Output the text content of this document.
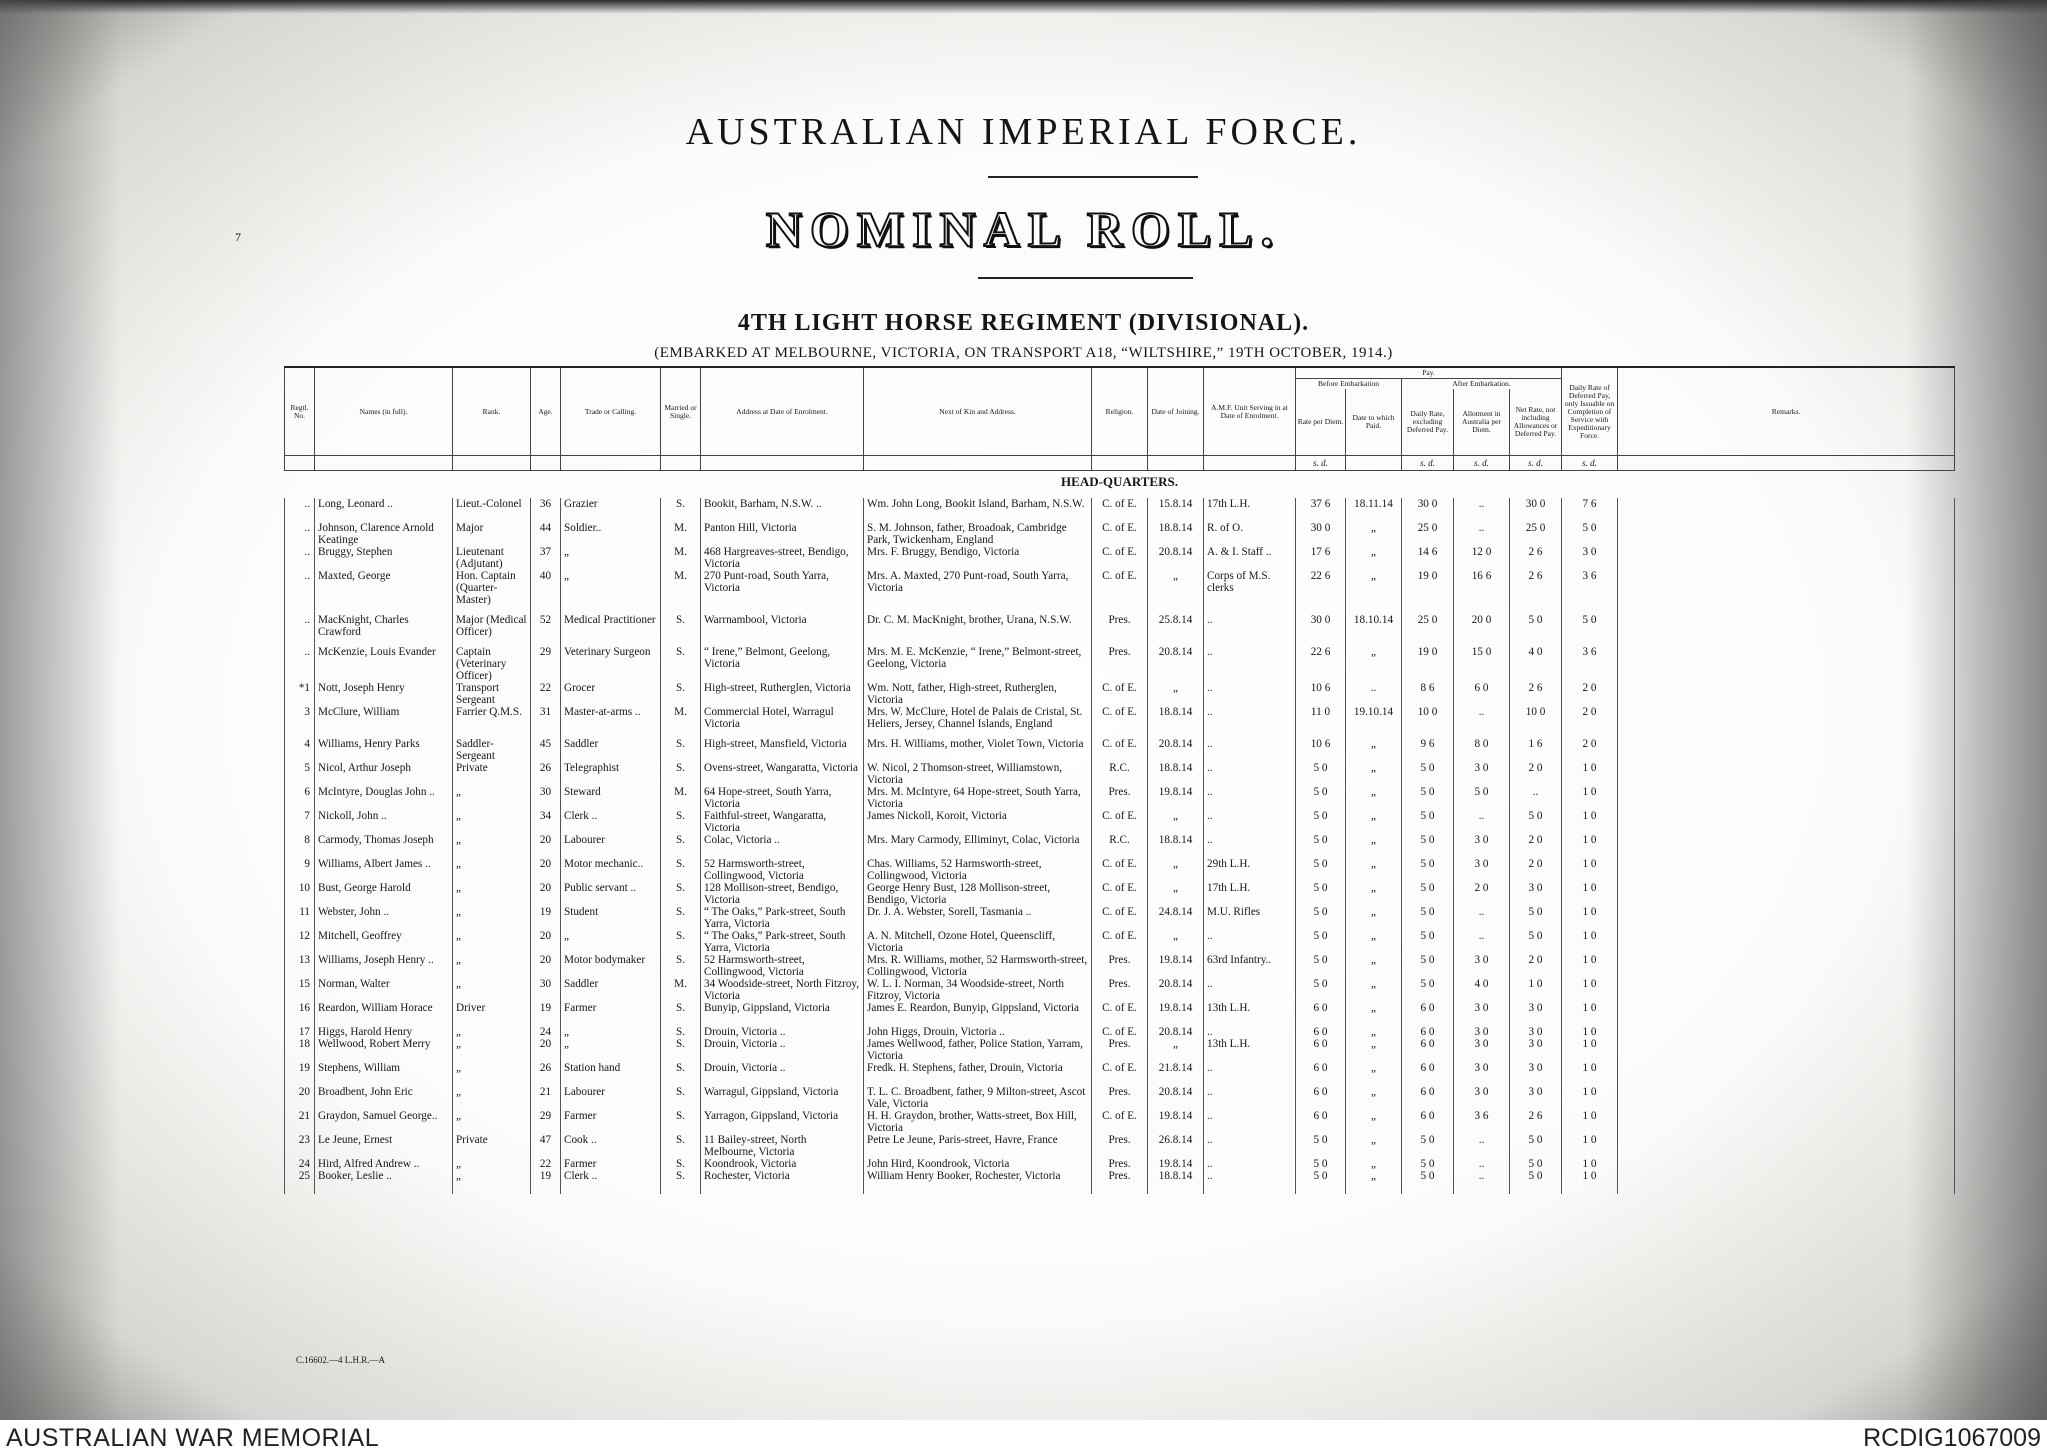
AUSTRALIAN IMPERIAL FORCE.
NOMINAL ROLL.
7
4TH LIGHT HORSE REGIMENT (DIVISIONAL).
(EMBARKED AT MELBOURNE, VICTORIA, ON TRANSPORT A18, “WILTSHIRE,” 19TH OCTOBER, 1914.)
Regtl. No.	Names (in full).	Rank.	Age.	Trade or Calling.	Married or Single.	Address at Date of Enrolment.	Next of Kin and Address.	Religion.	Date of Joining.	A.M.F. Unit Serving in at Date of Enrolment.	Pay.					Daily Rate of Deferred Pay, only Issuable on Completion of Service with Expeditionary Force.	Remarks.
											Before Embarkation		After Embarkation.				
											Rate per Diem.	Date to which Paid.	Daily Rate, excluding Deferred Pay.	Allotment in Australia per Diem.	Net Rate, not including Allowances or Deferred Pay.		
											s. d.		s. d.	s. d.	s. d.	s. d.	
HEAD-QUARTERS.																	
..	Long, Leonard ..	Lieut.-Colonel	36	Grazier	S.	Bookit, Barham, N.S.W. ..	Wm. John Long, Bookit Island, Barham, N.S.W.	C. of E.	15.8.14	17th L.H.	37 6	18.11.14	30 0	..	30 0	7 6	
..	Johnson, Clarence Arnold Keatinge	Major	44	Soldier..	M.	Panton Hill, Victoria	S. M. Johnson, father, Broadoak, Cambridge Park, Twickenham, England	C. of E.	18.8.14	R. of O.	30 0	„	25 0	..	25 0	5 0	
..	Bruggy, Stephen	Lieutenant (Adjutant)	37	„	M.	468 Hargreaves-street, Bendigo, Victoria	Mrs. F. Bruggy, Bendigo, Victoria	C. of E.	20.8.14	A. & I. Staff ..	17 6	„	14 6	12 0	2 6	3 0	
..	Maxted, George	Hon. Captain (Quarter-Master)	40	„	M.	270 Punt-road, South Yarra, Victoria	Mrs. A. Maxted, 270 Punt-road, South Yarra, Victoria	C. of E.	„	Corps of M.S. clerks	22 6	„	19 0	16 6	2 6	3 6	
..	MacKnight, Charles Crawford	Major (Medical Officer)	52	Medical Practitioner	S.	Warrnambool, Victoria	Dr. C. M. MacKnight, brother, Urana, N.S.W.	Pres.	25.8.14	..	30 0	18.10.14	25 0	20 0	5 0	5 0	
..	McKenzie, Louis Evander	Captain (Veterinary Officer)	29	Veterinary Surgeon	S.	“ Irene,” Belmont, Geelong, Victoria	Mrs. M. E. McKenzie, “ Irene,” Belmont-street, Geelong, Victoria	Pres.	20.8.14	..	22 6	„	19 0	15 0	4 0	3 6	
*1	Nott, Joseph Henry	Transport Sergeant	22	Grocer	S.	High-street, Rutherglen, Victoria	Wm. Nott, father, High-street, Rutherglen, Victoria	C. of E.	„	..	10 6	..	8 6	6 0	2 6	2 0	
3	McClure, William	Farrier Q.M.S.	31	Master-at-arms ..	M.	Commercial Hotel, Warragul Victoria	Mrs. W. McClure, Hotel de Palais de Cristal, St. Heliers, Jersey, Channel Islands, England	C. of E.	18.8.14	..	11 0	19.10.14	10 0	..	10 0	2 0	
4	Williams, Henry Parks	Saddler-Sergeant	45	Saddler	S.	High-street, Mansfield, Victoria	Mrs. H. Williams, mother, Violet Town, Victoria	C. of E.	20.8.14	..	10 6	„	9 6	8 0	1 6	2 0	
5	Nicol, Arthur Joseph	Private	26	Telegraphist	S.	Ovens-street, Wangaratta, Victoria	W. Nicol, 2 Thomson-street, Williamstown, Victoria	R.C.	18.8.14	..	5 0	„	5 0	3 0	2 0	1 0	
6	McIntyre, Douglas John ..	„	30	Steward	M.	64 Hope-street, South Yarra, Victoria	Mrs. M. McIntyre, 64 Hope-street, South Yarra, Victoria	Pres.	19.8.14	..	5 0	„	5 0	5 0	..	1 0	
7	Nickoll, John ..	„	34	Clerk ..	S.	Faithful-street, Wangaratta, Victoria	James Nickoll, Koroit, Victoria	C. of E.	„	..	5 0	„	5 0	..	5 0	1 0	
8	Carmody, Thomas Joseph	„	20	Labourer	S.	Colac, Victoria ..	Mrs. Mary Carmody, Elliminyt, Colac, Victoria	R.C.	18.8.14	..	5 0	„	5 0	3 0	2 0	1 0	
9	Williams, Albert James ..	„	20	Motor mechanic..	S.	52 Harmsworth-street, Collingwood, Victoria	Chas. Williams, 52 Harmsworth-street, Collingwood, Victoria	C. of E.	„	29th L.H.	5 0	„	5 0	3 0	2 0	1 0	
10	Bust, George Harold	„	20	Public servant ..	S.	128 Mollison-street, Bendigo, Victoria	George Henry Bust, 128 Mollison-street, Bendigo, Victoria	C. of E.	„	17th L.H.	5 0	„	5 0	2 0	3 0	1 0	
11	Webster, John ..	„	19	Student	S.	“ The Oaks,” Park-street, South Yarra, Victoria	Dr. J. A. Webster, Sorell, Tasmania ..	C. of E.	24.8.14	M.U. Rifles	5 0	„	5 0	..	5 0	1 0	
12	Mitchell, Geoffrey	„	20	„	S.	“ The Oaks,” Park-street, South Yarra, Victoria	A. N. Mitchell, Ozone Hotel, Queenscliff, Victoria	C. of E.	„	..	5 0	„	5 0	..	5 0	1 0	
13	Williams, Joseph Henry ..	„	20	Motor bodymaker	S.	52 Harmsworth-street, Collingwood, Victoria	Mrs. R. Williams, mother, 52 Harmsworth-street, Collingwood, Victoria	Pres.	19.8.14	63rd Infantry..	5 0	„	5 0	3 0	2 0	1 0	
15	Norman, Walter	„	30	Saddler	M.	34 Woodside-street, North Fitzroy, Victoria	W. L. I. Norman, 34 Woodside-street, North Fitzroy, Victoria	Pres.	20.8.14	..	5 0	„	5 0	4 0	1 0	1 0	
16	Reardon, William Horace	Driver	19	Farmer	S.	Bunyip, Gippsland, Victoria	James E. Reardon, Bunyip, Gippsland, Victoria	C. of E.	19.8.14	13th L.H.	6 0	„	6 0	3 0	3 0	1 0	
17	Higgs, Harold Henry	„	24	„	S.	Drouin, Victoria ..	John Higgs, Drouin, Victoria ..	C. of E.	20.8.14	..	6 0	„	6 0	3 0	3 0	1 0	
18	Wellwood, Robert Merry	„	20	„	S.	Drouin, Victoria ..	James Wellwood, father, Police Station, Yarram, Victoria	Pres.	„	13th L.H.	6 0	„	6 0	3 0	3 0	1 0	
19	Stephens, William	„	26	Station hand	S.	Drouin, Victoria ..	Fredk. H. Stephens, father, Drouin, Victoria	C. of E.	21.8.14	..	6 0	„	6 0	3 0	3 0	1 0	
20	Broadbent, John Eric	„	21	Labourer	S.	Warragul, Gippsland, Victoria	T. L. C. Broadbent, father, 9 Milton-street, Ascot Vale, Victoria	Pres.	20.8.14	..	6 0	„	6 0	3 0	3 0	1 0	
21	Graydon, Samuel George..	„	29	Farmer	S.	Yarragon, Gippsland, Victoria	H. H. Graydon, brother, Watts-street, Box Hill, Victoria	C. of E.	19.8.14	..	6 0	„	6 0	3 6	2 6	1 0	
23	Le Jeune, Ernest	Private	47	Cook ..	S.	11 Bailey-street, North Melbourne, Victoria	Petre Le Jeune, Paris-street, Havre, France	Pres.	26.8.14	..	5 0	„	5 0	..	5 0	1 0	
24	Hird, Alfred Andrew ..	„	22	Farmer	S.	Koondrook, Victoria	John Hird, Koondrook, Victoria	Pres.	19.8.14	..	5 0	„	5 0	..	5 0	1 0	
25	Booker, Leslie ..	„	19	Clerk ..	S.	Rochester, Victoria	William Henry Booker, Rochester, Victoria	Pres.	18.8.14	..	5 0	„	5 0	..	5 0	1 0	
C.16602.—4 L.H.R.—A
AUSTRALIAN WAR MEMORIAL	RCDIG1067009
